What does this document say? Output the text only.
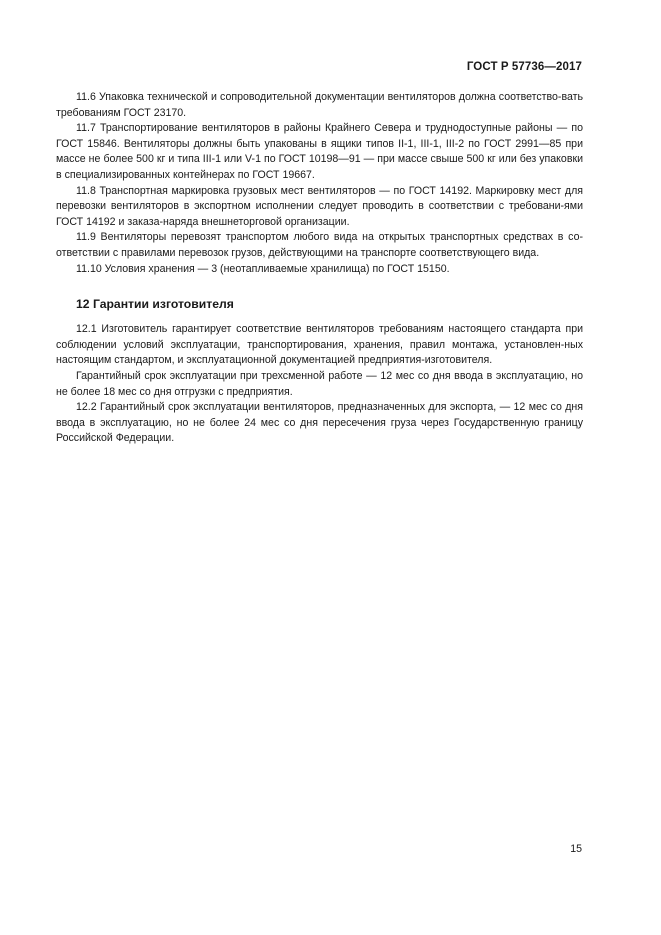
ГОСТ Р 57736—2017

11.6 Упаковка технической и сопроводительной документации вентиляторов должна соответство-вать требованиям ГОСТ 23170.

11.7 Транспортирование вентиляторов в районы Крайнего Севера и труднодоступные районы — по ГОСТ 15846. Вентиляторы должны быть упакованы в ящики типов II-1, III-1, III-2 по ГОСТ 2991—85 при массе не более 500 кг и типа III-1 или V-1 по ГОСТ 10198—91 — при массе свыше 500 кг или без упаковки в специализированных контейнерах по ГОСТ 19667.

11.8 Транспортная маркировка грузовых мест вентиляторов — по ГОСТ 14192. Маркировку мест для перевозки вентиляторов в экспортном исполнении следует проводить в соответствии с требовани-ями ГОСТ 14192 и заказа-наряда внешнеторговой организации.

11.9 Вентиляторы перевозят транспортом любого вида на открытых транспортных средствах в со-ответствии с правилами перевозок грузов, действующими на транспорте соответствующего вида.

11.10 Условия хранения — 3 (неотапливаемые хранилища) по ГОСТ 15150.

12 Гарантии изготовителя

12.1 Изготовитель гарантирует соответствие вентиляторов требованиям настоящего стандарта при соблюдении условий эксплуатации, транспортирования, хранения, правил монтажа, установлен-ных настоящим стандартом, и эксплуатационной документацией предприятия-изготовителя.

Гарантийный срок эксплуатации при трехсменной работе — 12 мес со дня ввода в эксплуатацию, но не более 18 мес со дня отгрузки с предприятия.

12.2 Гарантийный срок эксплуатации вентиляторов, предназначенных для экспорта, — 12 мес со дня ввода в эксплуатацию, но не более 24 мес со дня пересечения груза через Государственную границу Российской Федерации.

15
